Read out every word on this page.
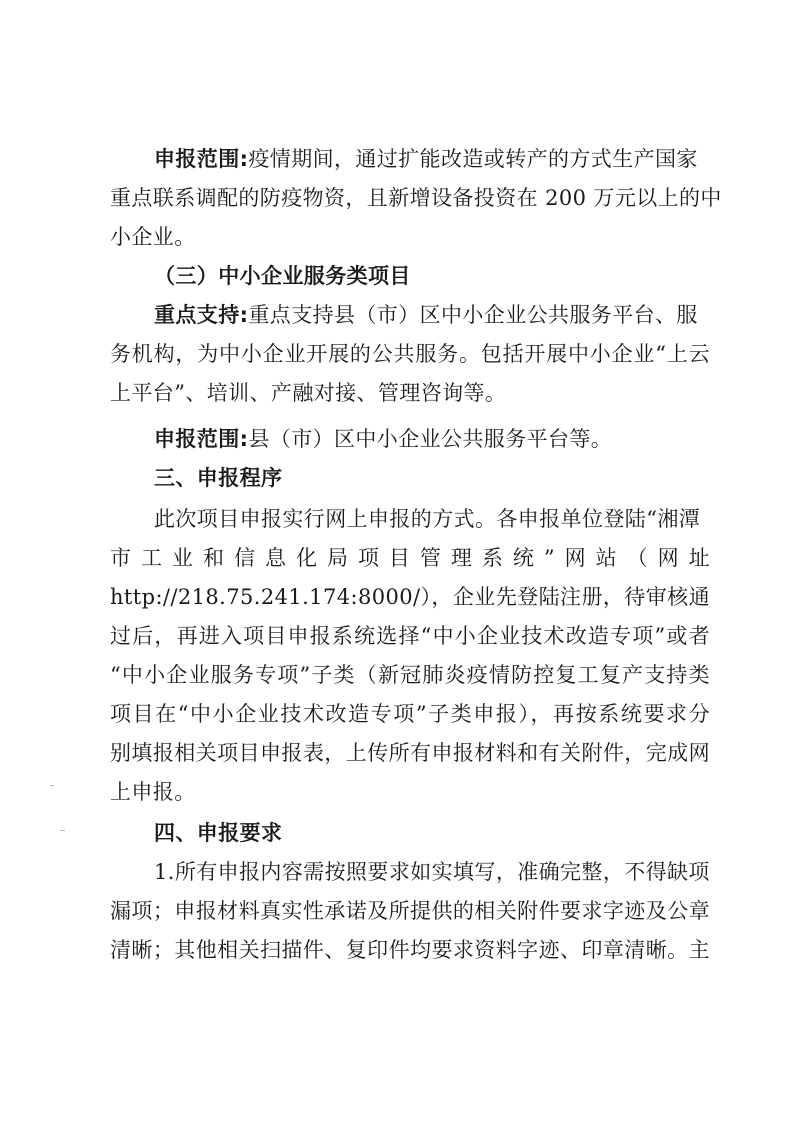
申报范围:疫情期间，通过扩能改造或转产的方式生产国家
重点联系调配的防疫物资，且新增设备投资在 200 万元以上的中
小企业。
（三）中小企业服务类项目
重点支持:重点支持县（市）区中小企业公共服务平台、服
务机构，为中小企业开展的公共服务。包括开展中小企业“上云
上平台”、培训、产融对接、管理咨询等。
申报范围:县（市）区中小企业公共服务平台等。
三、申报程序
此次项目申报实行网上申报的方式。各申报单位登陆“湘潭
市工业和信息化局项目管理系统”网站（网址
http://218.75.241.174:8000/），企业先登陆注册，待审核通
过后，再进入项目申报系统选择“中小企业技术改造专项”或者
“中小企业服务专项”子类（新冠肺炎疫情防控复工复产支持类
项目在“中小企业技术改造专项”子类申报），再按系统要求分
别填报相关项目申报表，上传所有申报材料和有关附件，完成网
上申报。
四、申报要求
1.所有申报内容需按照要求如实填写，准确完整，不得缺项
漏项；申报材料真实性承诺及所提供的相关附件要求字迹及公章
清晰；其他相关扫描件、复印件均要求资料字迹、印章清晰。主
